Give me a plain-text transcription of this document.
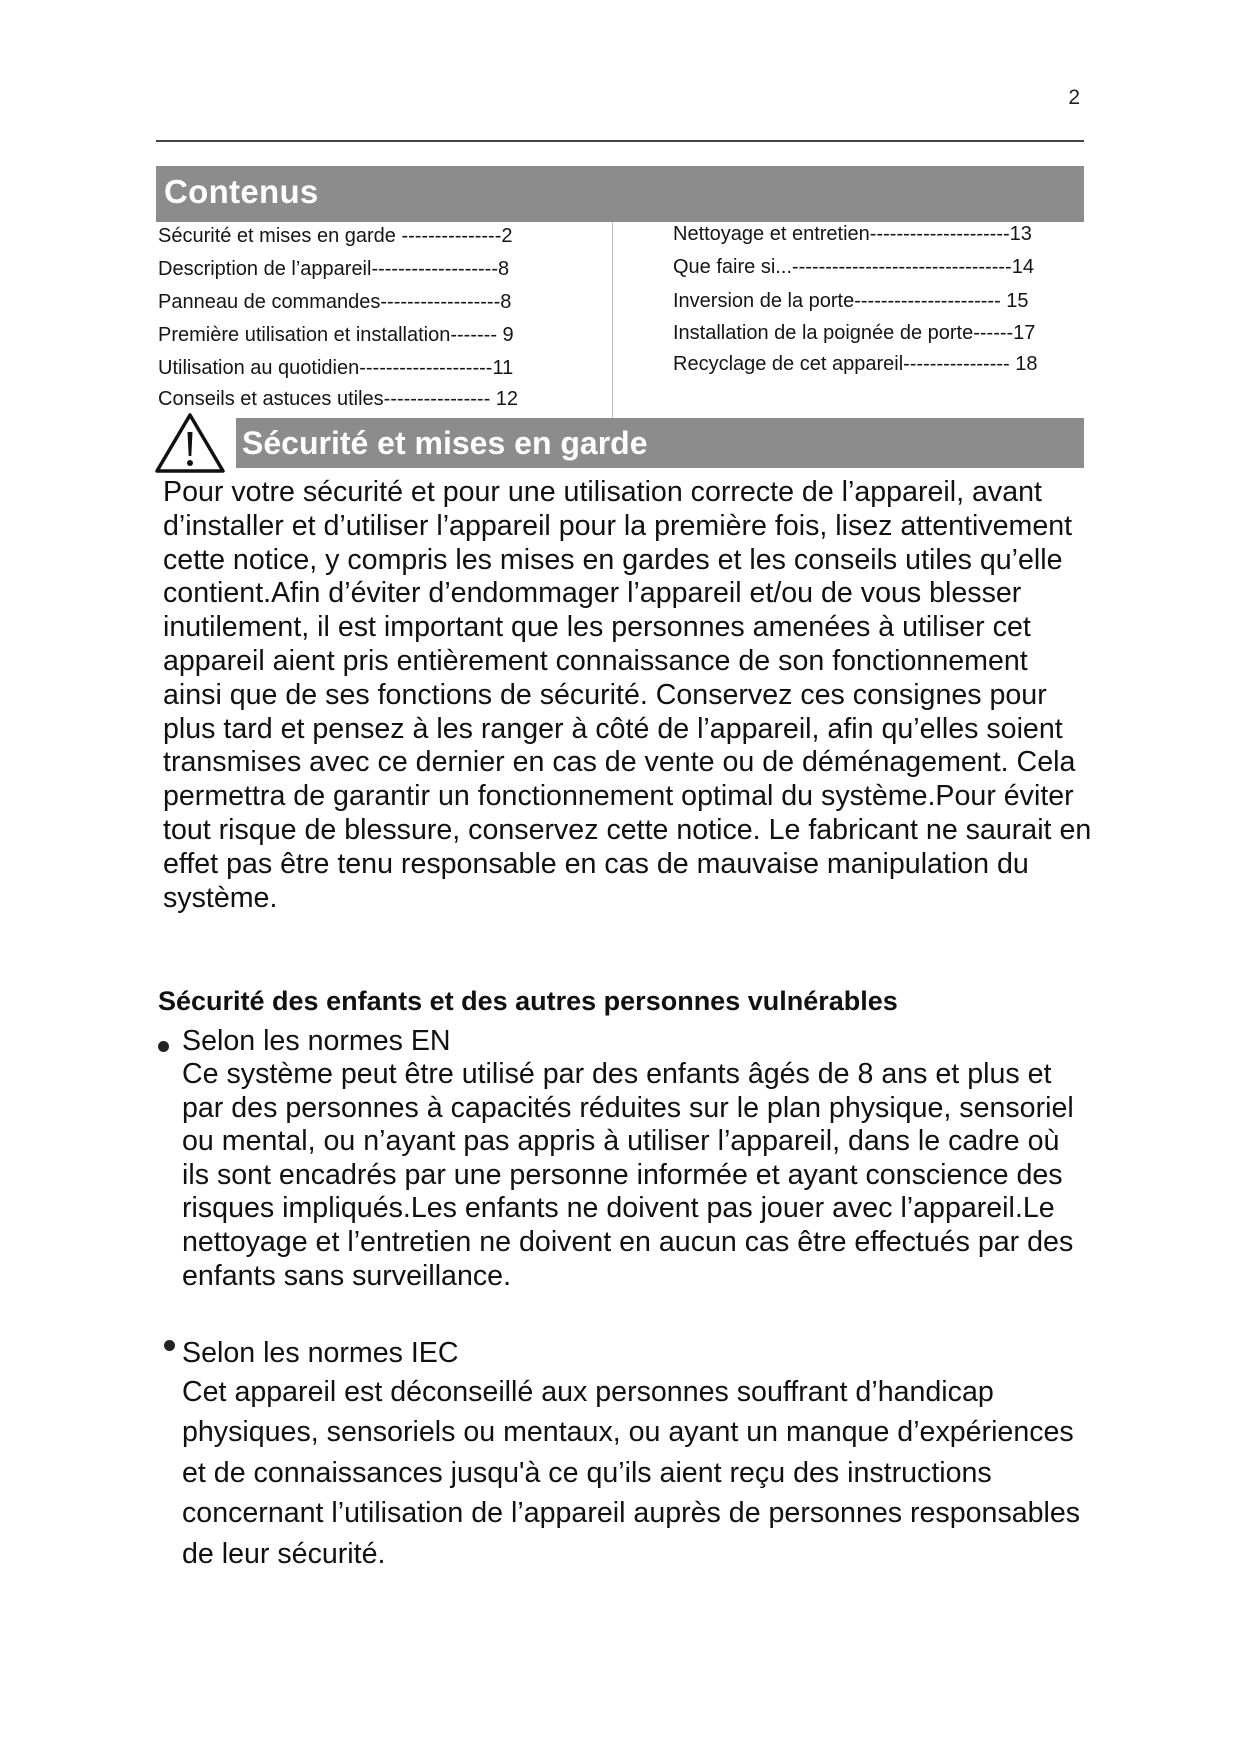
2
Contenus
Sécurité et mises en garde ---------------2
Description de l’appareil-------------------8
Panneau de commandes------------------8
Première utilisation et installation------- 9
Utilisation au quotidien--------------------11
Conseils et astuces utiles---------------- 12
Nettoyage et entretien---------------------13
Que faire si...---------------------------------14
Inversion de la porte---------------------- 15
Installation de la poignée de porte------17
Recyclage de cet appareil---------------- 18
Sécurité et mises en garde

Pour votre sécurité et pour une utilisation correcte de l’appareil, avant d’installer et d’utiliser l’appareil pour la première fois, lisez attentivement cette notice, y compris les mises en gardes et les conseils utiles qu’elle contient.Afin d’éviter d’endommager l’appareil et/ou de vous blesser inutilement, il est important que les personnes amenées à utiliser cet appareil aient pris entièrement connaissance de son fonctionnement ainsi que de ses fonctions de sécurité. Conservez ces consignes pour plus tard et pensez à les ranger à côté de l’appareil, afin qu’elles soient transmises avec ce dernier en cas de vente ou de déménagement. Cela permettra de garantir un fonctionnement optimal du système.Pour éviter tout risque de blessure, conservez cette notice. Le fabricant ne saurait en effet pas être tenu responsable en cas de mauvaise manipulation du système.

Sécurité des enfants et des autres personnes vulnérables
Selon les normes EN

Ce système peut être utilisé par des enfants âgés de 8 ans et plus et par des personnes à capacités réduites sur le plan physique, sensoriel ou mental, ou n’ayant pas appris à utiliser l’appareil, dans le cadre où ils sont encadrés par une personne informée et ayant conscience des risques impliqués.Les enfants ne doivent pas jouer avec l’appareil.Le nettoyage et l’entretien ne doivent en aucun cas être effectués par des enfants sans surveillance.

Selon les normes IEC

Cet appareil est déconseillé aux personnes souffrant d’handicap physiques, sensoriels ou mentaux, ou ayant un manque d’expériences et de connaissances jusqu'à ce qu’ils aient reçu des instructions concernant l’utilisation de l’appareil auprès de personnes responsables de leur sécurité.
